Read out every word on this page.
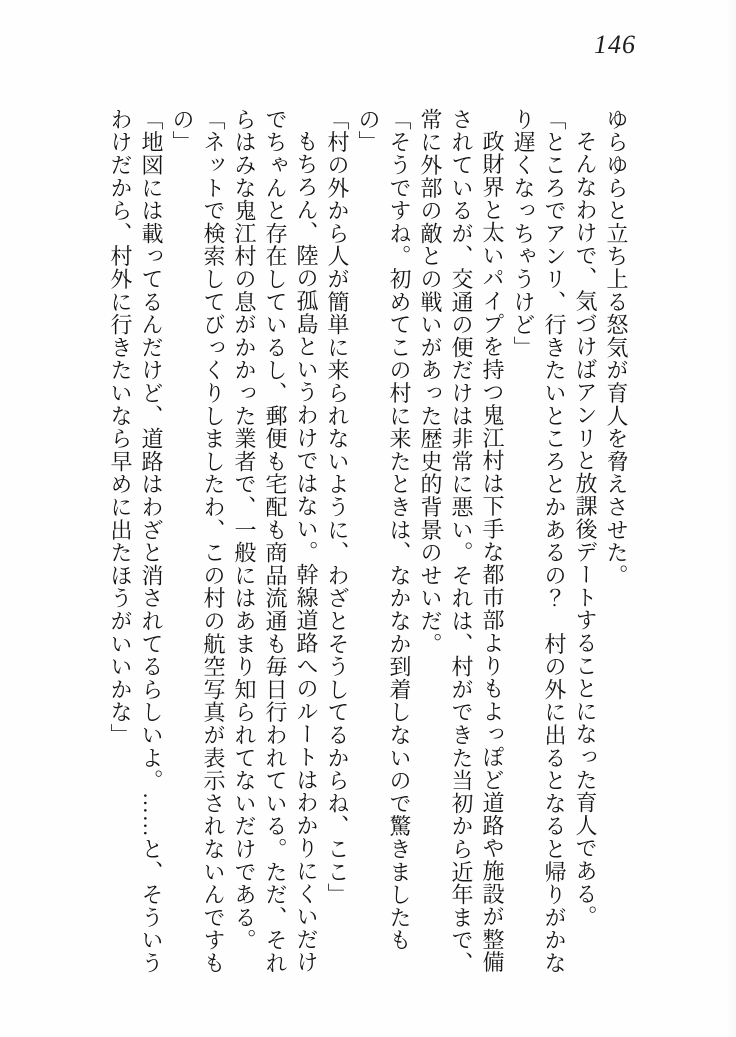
146

ゆらゆらと立ち上る怒気が育人を脅えさせた。

そんなわけで、気づけばアンリと放課後デートすることになった育人である。

「ところでアンリ、行きたいところとかあるの？　村の外に出るとなると帰りがかなり遅くなっちゃうけど」

政財界と太いパイプを持つ鬼江村は下手な都市部よりもよっぽど道路や施設が整備されているが、交通の便だけは非常に悪い。それは、村ができた当初から近年まで、常に外部の敵との戦いがあった歴史的背景のせいだ。

「そうですね。初めてこの村に来たときは、なかなか到着しないので驚きましたもの」

「村の外から人が簡単に来られないように、わざとそうしてるからね、ここ」

もちろん、陸の孤島というわけではない。幹線道路へのルートはわかりにくいだけでちゃんと存在しているし、郵便も宅配も商品流通も毎日行われている。ただ、それらはみな鬼江村の息がかかった業者で、一般にはあまり知られてないだけである。

「ネットで検索してびっくりしましたわ、この村の航空写真が表示されないんですもの」

「地図には載ってるんだけど、道路はわざと消されてるらしいよ。……と、そういうわけだから、村外に行きたいなら早めに出たほうがいいかな」
